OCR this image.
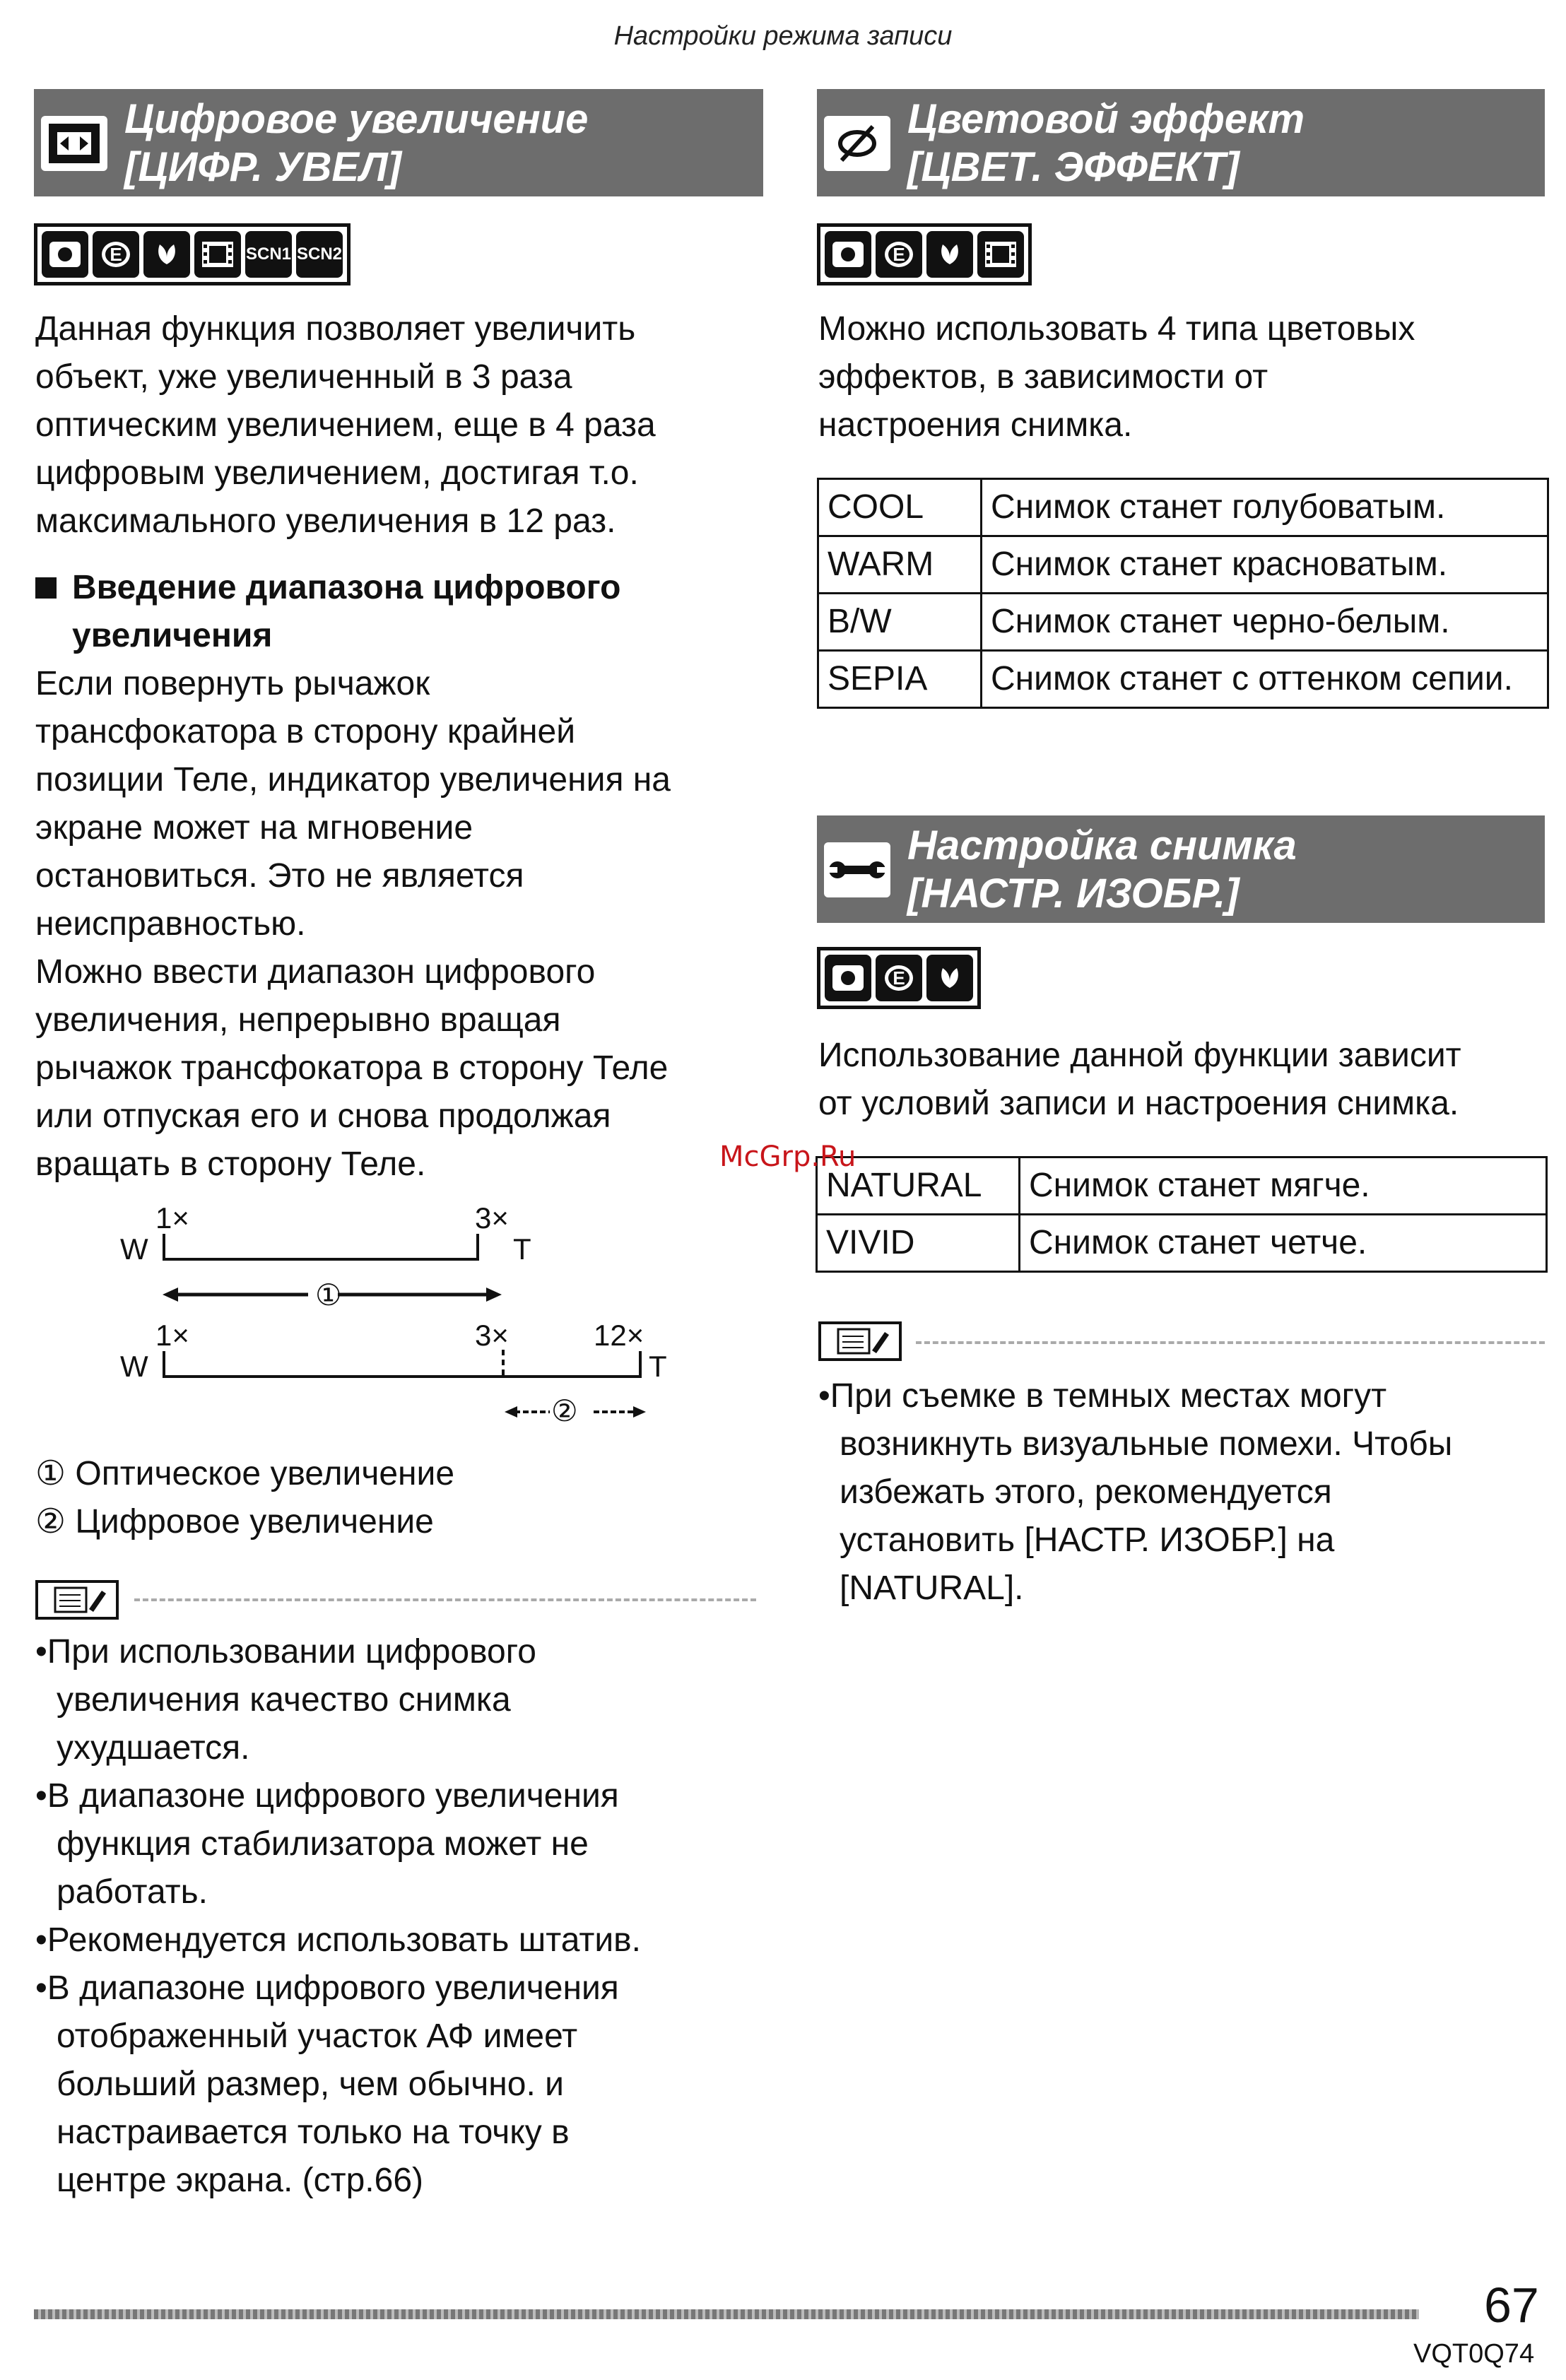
Настройки режима записи
Цифровое увеличение
[ЦИФР. УВЕЛ]
E	SCN1 SCN2

Данная функция позволяет увеличить

объект, уже увеличенный в 3 раза

оптическим увеличением, еще в 4 раза

цифровым увеличением, достигая т.о.

максимального увеличения в 12 раз.

Введение диапазона цифрового
увеличения

Если повернуть рычажок

трансфокатора в сторону крайней

позиции Теле, индикатор увеличения на

экране может на мгновение

остановиться. Это не является

неисправностью.

Можно ввести диапазон цифрового

увеличения, непрерывно вращая

рычажок трансфокатора в сторону Теле

или отпуская его и снова продолжая

вращать в сторону Теле.

1×	3×
W	T
①
1×	3×	12×
W	T
②

① Оптическое увеличение

② Цифровое увеличение

•При использовании цифрового

увеличения качество снимка

ухудшается.

•В диапазоне цифрового увеличения

функция стабилизатора может не

работать.

•Рекомендуется использовать штатив.

•В диапазоне цифрового увеличения

отображенный участок АФ имеет

больший размер, чем обычно. и

настраивается только на точку в

центре экрана. (стр.66)

Цветовой эффект
[ЦВЕТ. ЭФФЕКТ]
E

Можно использовать 4 типа цветовых

эффектов, в зависимости от

настроения снимка.

COOL	Снимок станет голубоватым.
WARM	Снимок станет красноватым.
B/W	Снимок станет черно-белым.
SEPIA	Снимок станет с оттенком сепии.
Настройка снимка
[НАСТР. ИЗОБР.]
E

Использование данной функции зависит

от условий записи и настроения снимка.

NATURAL	Снимок станет мягче.
VIVID	Снимок станет четче.
McGrp.Ru

•При съемке в темных местах могут

возникнуть визуальные помехи. Чтобы

избежать этого, рекомендуется

установить [НАСТР. ИЗОБР.] на

[NATURAL].

67
VQT0Q74
